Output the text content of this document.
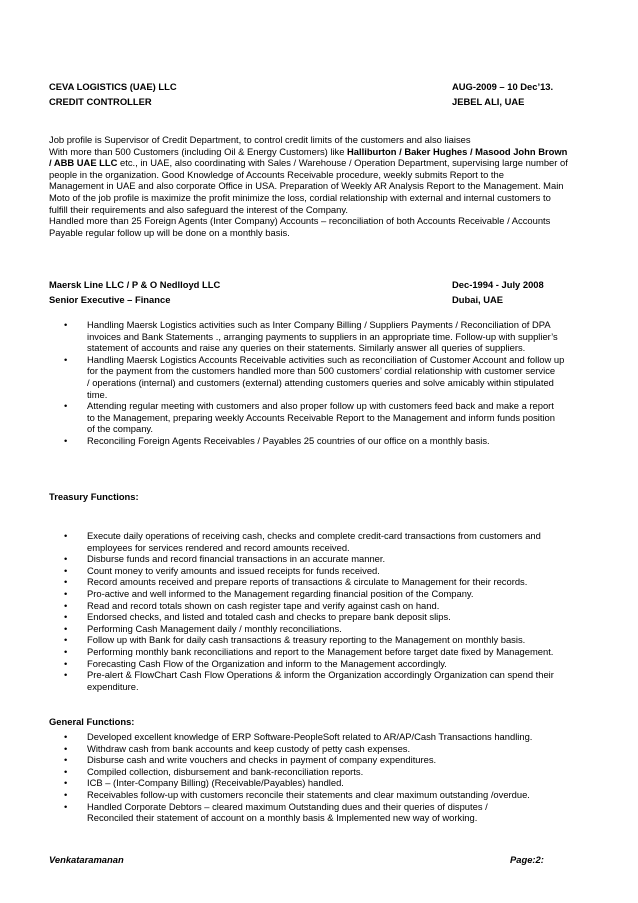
CEVA LOGISTICS (UAE) LLC	AUG-2009 – 10 Dec’13.
CREDIT CONTROLLER	JEBEL ALI, UAE
Job profile is Supervisor of Credit Department, to control credit limits of the customers and also liaises
With more than 500 Customers (including Oil & Energy Customers) like Halliburton / Baker Hughes / Masood John Brown
/ ABB UAE LLC etc., in UAE, also coordinating with Sales / Warehouse / Operation Department, supervising large number of
people in the organization. Good Knowledge of Accounts Receivable procedure, weekly submits Report to the
Management in UAE and also corporate Office in USA. Preparation of Weekly AR Analysis Report to the Management. Main
Moto of the job profile is maximize the profit minimize the loss, cordial relationship with external and internal customers to
fulfill their requirements and also safeguard the interest of the Company.
Handled more than 25 Foreign Agents (Inter Company) Accounts – reconciliation of both Accounts Receivable / Accounts
Payable regular follow up will be done on a monthly basis.
Maersk Line LLC / P & O Nedlloyd LLC	Dec-1994 - July 2008
Senior Executive – Finance	Dubai, UAE
• Handling Maersk Logistics activities such as Inter Company Billing / Suppliers Payments / Reconciliation of DPA
invoices and Bank Statements ., arranging payments to suppliers in an appropriate time. Follow-up with supplier’s
statement of accounts and raise any queries on their statements. Similarly answer all queries of suppliers.
• Handling Maersk Logistics Accounts Receivable activities such as reconciliation of Customer Account and follow up
for the payment from the customers handled more than 500 customers’ cordial relationship with customer service
/ operations (internal) and customers (external) attending customers queries and solve amicably within stipulated
time.
• Attending regular meeting with customers and also proper follow up with customers feed back and make a report
to the Management, preparing weekly Accounts Receivable Report to the Management and inform funds position
of the company.
• Reconciling Foreign Agents Receivables / Payables 25 countries of our office on a monthly basis.
Treasury Functions:
• Execute daily operations of receiving cash, checks and complete credit-card transactions from customers and
employees for services rendered and record amounts received.
• Disburse funds and record financial transactions in an accurate manner.
• Count money to verify amounts and issued receipts for funds received.
• Record amounts received and prepare reports of transactions & circulate to Management for their records.
• Pro-active and well informed to the Management regarding financial position of the Company.
• Read and record totals shown on cash register tape and verify against cash on hand.
• Endorsed checks, and listed and totaled cash and checks to prepare bank deposit slips.
• Performing Cash Management daily / monthly reconciliations.
• Follow up with Bank for daily cash transactions & treasury reporting to the Management on monthly basis.
• Performing monthly bank reconciliations and report to the Management before target date fixed by Management.
• Forecasting Cash Flow of the Organization and inform to the Management accordingly.
• Pre-alert & FlowChart Cash Flow Operations & inform the Organization accordingly Organization can spend their
expenditure.
General Functions:
• Developed excellent knowledge of ERP Software-PeopleSoft related to AR/AP/Cash Transactions handling.
• Withdraw cash from bank accounts and keep custody of petty cash expenses.
• Disburse cash and write vouchers and checks in payment of company expenditures.
• Compiled collection, disbursement and bank-reconciliation reports.
• ICB – (Inter-Company Billing) (Receivable/Payables) handled.
• Receivables follow-up with customers reconcile their statements and clear maximum outstanding /overdue.
• Handled Corporate Debtors – cleared maximum Outstanding dues and their queries of disputes /
Reconciled their statement of account on a monthly basis & Implemented new way of working.
Venkataramanan	Page:2:
